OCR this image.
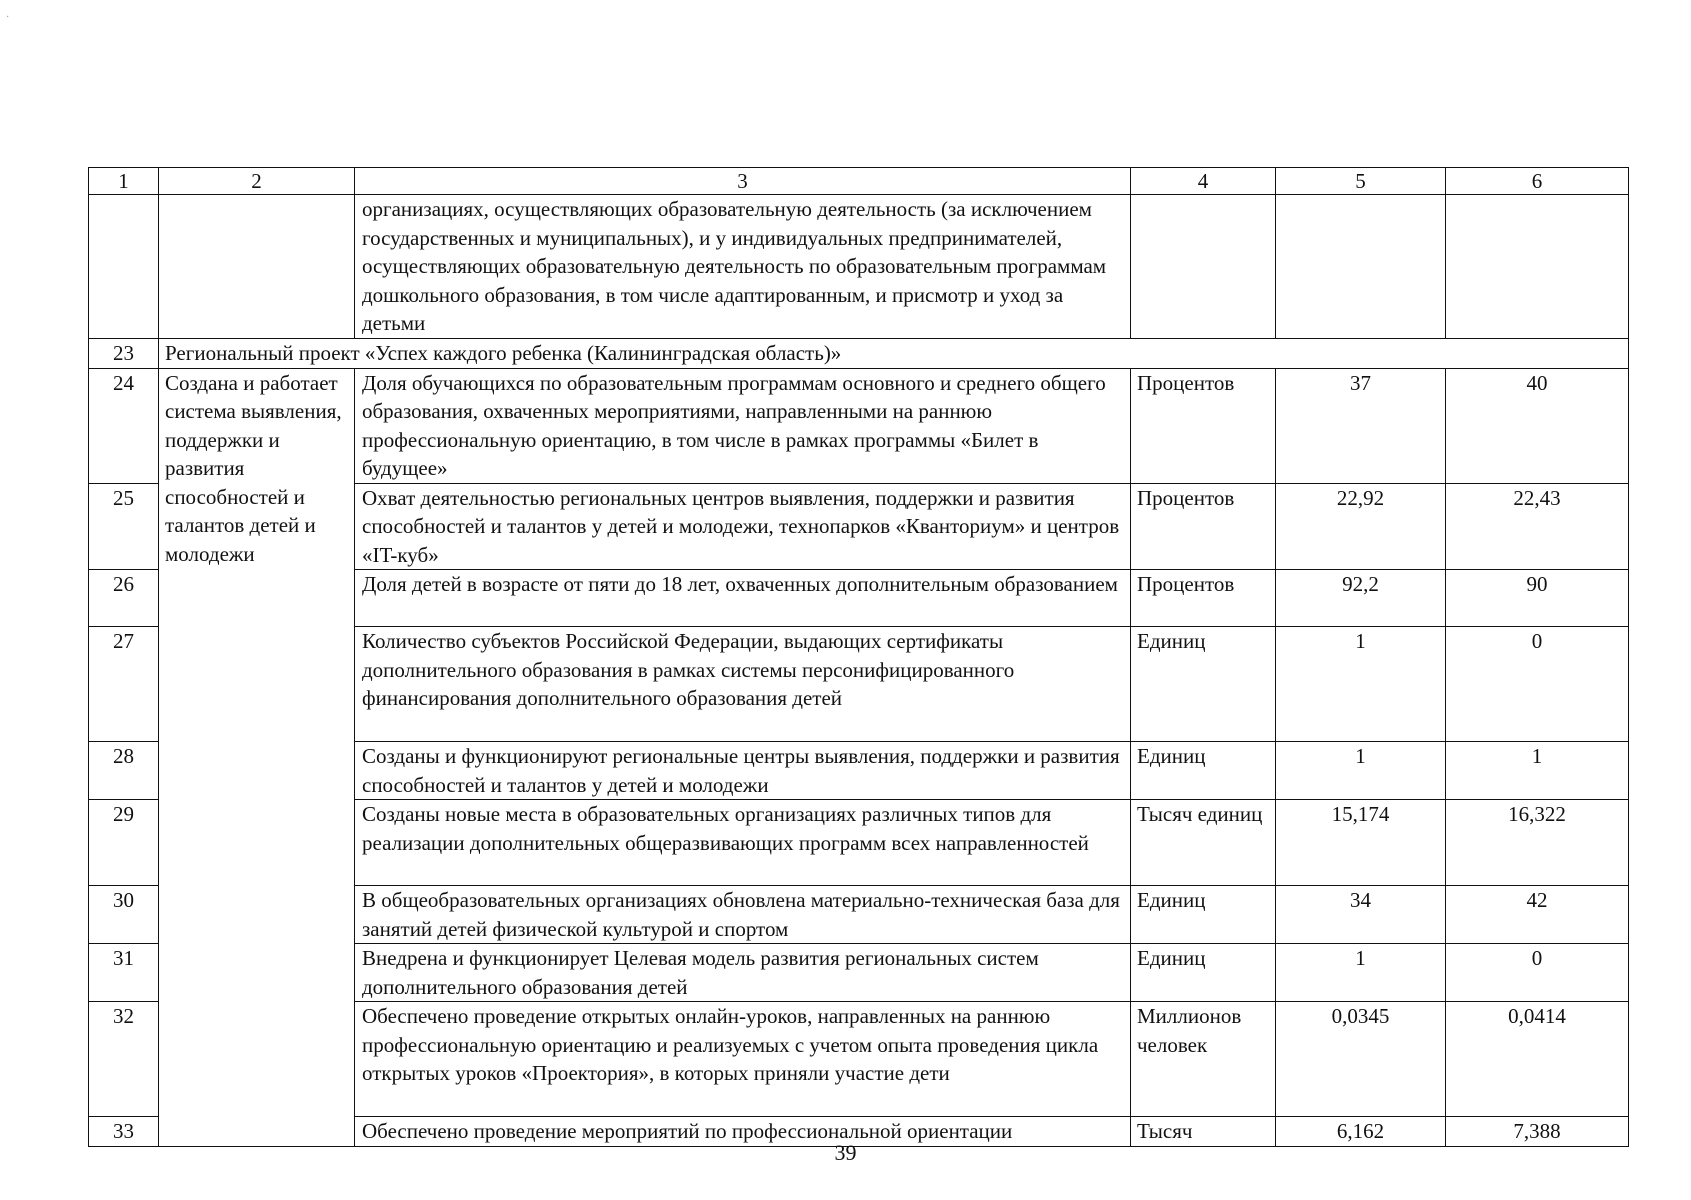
·
1	2	3	4	5	6
		организациях, осуществляющих образовательную деятельность (за исключением государственных и муниципальных), и у индивидуальных предпринимателей, осуществляющих образовательную деятельность по образовательным программам дошкольного образования, в том числе адаптированным, и присмотр и уход за детьми			
23	Региональный проект «Успех каждого ребенка (Калининградская область)»				
24	Создана и работает система выявления, поддержки и развития способностей и талантов детей и молодежи	Доля обучающихся по образовательным программам основного и среднего общего образования, охваченных мероприятиями, направленными на раннюю профессиональную ориентацию, в том числе в рамках программы «Билет в будущее»	Процентов	37	40
25		Охват деятельностью региональных центров выявления, поддержки и развития способностей и талантов у детей и молодежи, технопарков «Кванториум» и центров «IT-куб»	Процентов	22,92	22,43
26		Доля детей в возрасте от пяти до 18 лет, охваченных дополнительным образованием	Процентов	92,2	90
27		Количество субъектов Российской Федерации, выдающих сертификаты дополнительного образования в рамках системы персонифицированного финансирования дополнительного образования детей	Единиц	1	0
28		Созданы и функционируют региональные центры выявления, поддержки и развития способностей и талантов у детей и молодежи	Единиц	1	1
29		Созданы новые места в образовательных организациях различных типов для реализации дополнительных общеразвивающих программ всех направленностей	Тысяч единиц	15,174	16,322
30		В общеобразовательных организациях обновлена материально-техническая база для занятий детей физической культурой и спортом	Единиц	34	42
31		Внедрена и функционирует Целевая модель развития региональных систем дополнительного образования детей	Единиц	1	0
32		Обеспечено проведение открытых онлайн-уроков, направленных на раннюю профессиональную ориентацию и реализуемых с учетом опыта проведения цикла открытых уроков «Проектория», в которых приняли участие дети	Миллионов человек	0,0345	0,0414
33		Обеспечено проведение мероприятий по профессиональной ориентации	Тысяч	6,162	7,388
39
